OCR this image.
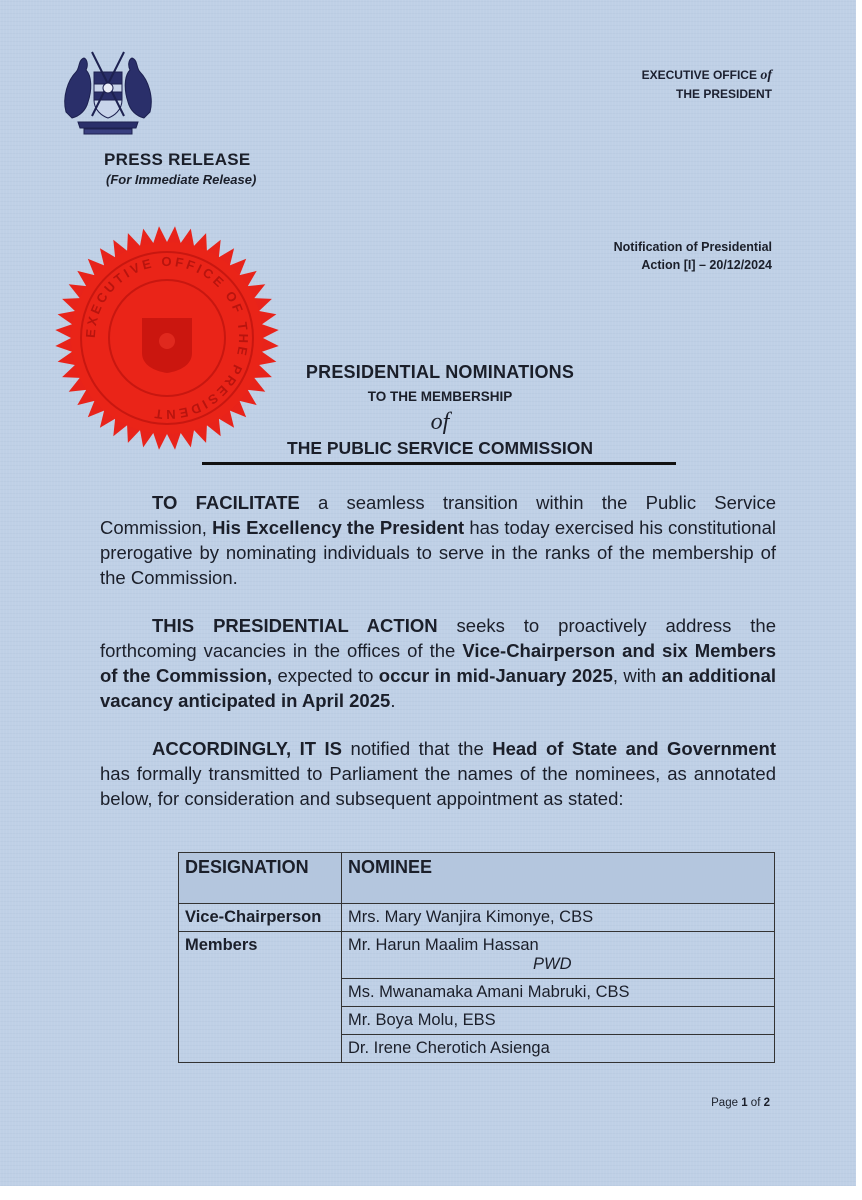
EXECUTIVE OFFICE of
THE PRESIDENT
PRESS RELEASE
(For Immediate Release)
EXECUTIVE OFFICE OF THE PRESIDENT
Notification of Presidential
Action [I] – 20/12/2024
PRESIDENTIAL NOMINATIONS
TO THE MEMBERSHIP
of
THE PUBLIC SERVICE COMMISSION
TO FACILITATE a seamless transition within the Public Service Commission, His Excellency the President has today exercised his constitutional prerogative by nominating individuals to serve in the ranks of the membership of the Commission.
THIS PRESIDENTIAL ACTION seeks to proactively address the forthcoming vacancies in the offices of the Vice-Chairperson and six Members of the Commission, expected to occur in mid-January 2025, with an additional vacancy anticipated in April 2025.
ACCORDINGLY, IT IS notified that the Head of State and Government has formally transmitted to Parliament the names of the nominees, as annotated below, for consideration and subsequent appointment as stated:
DESIGNATION	NOMINEE
Vice-Chairperson	Mrs. Mary Wanjira Kimonye, CBS
Members	Mr. Harun Maalim Hassan
PWD

	Ms. Mwanamaka Amani Mabruki, CBS
	Mr. Boya Molu, EBS
	Dr. Irene Cherotich Asienga
Page 1 of 2
